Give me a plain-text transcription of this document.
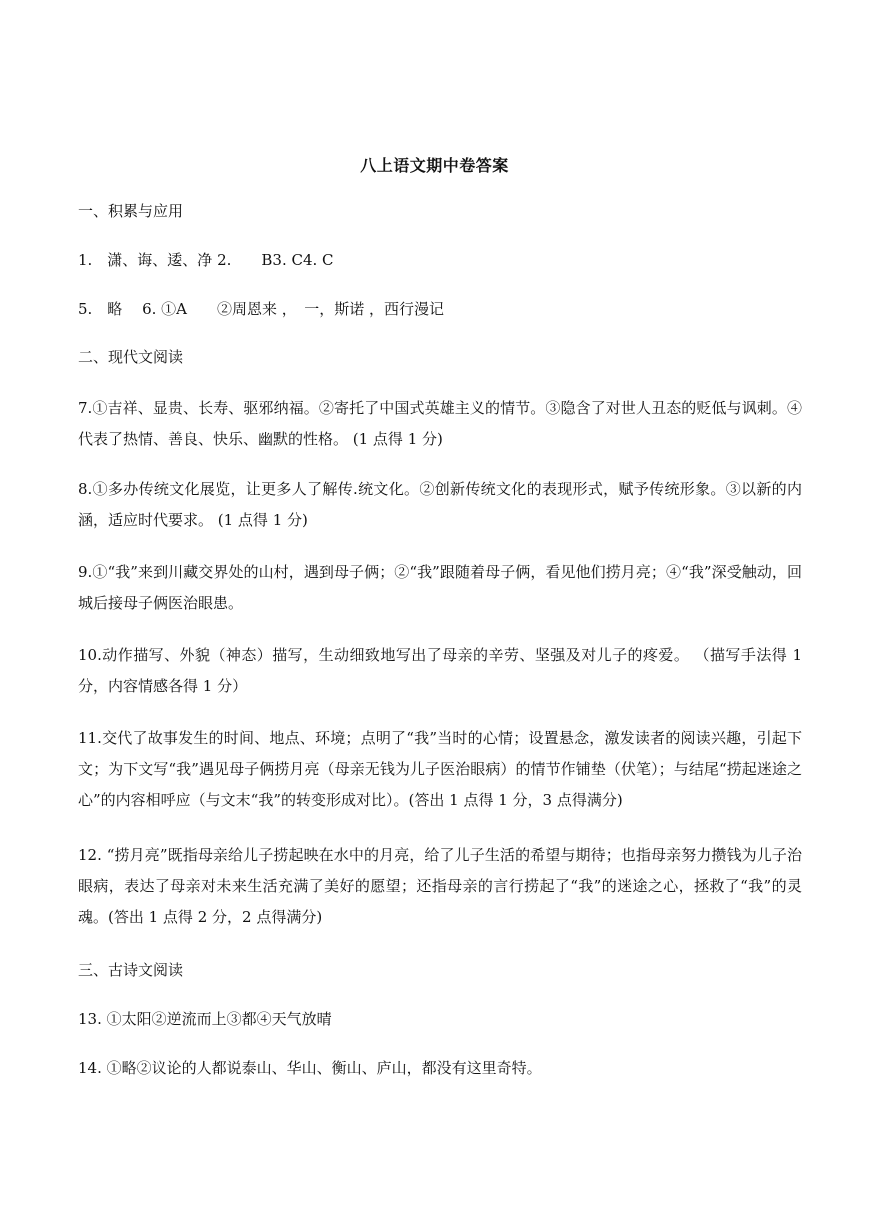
八上语文期中卷答案
一、积累与应用
1.　潇、诲、逶、净 2.　　B3. C4. C
5.　略　 6. ①A　　②周恩来 ，　一，斯诺 ，西行漫记
二、现代文阅读
7.①吉祥、显贵、长寿、驱邪纳福。②寄托了中国式英雄主义的情节。③隐含了对世人丑态的贬低与讽刺。④代表了热情、善良、快乐、幽默的性格。 (1 点得 1 分)
8.①多办传统文化展览，让更多人了解传.统文化。②创新传统文化的表现形式，赋予传统形象。③以新的内涵，适应时代要求。 (1 点得 1 分)
9.①“我”来到川藏交界处的山村，遇到母子俩；②“我”跟随着母子俩，看见他们捞月亮；④“我”深受触动，回城后接母子俩医治眼患。
10.动作描写、外貌（神态）描写，生动细致地写出了母亲的辛劳、坚强及对儿子的疼爱。 （描写手法得 1 分，内容情感各得 1 分）
11.交代了故事发生的时间、地点、环境；点明了“我”当时的心情；设置悬念，激发读者的阅读兴趣，引起下文；为下文写“我”遇见母子俩捞月亮（母亲无钱为儿子医治眼病）的情节作铺垫（伏笔）；与结尾“捞起迷途之心”的内容相呼应（与文末“我”的转变形成对比）。(答出 1 点得 1 分，3 点得满分)
12. “捞月亮”既指母亲给儿子捞起映在水中的月亮，给了儿子生活的希望与期待；也指母亲努力攒钱为儿子治眼病，表达了母亲对未来生活充满了美好的愿望；还指母亲的言行捞起了“我”的迷途之心，拯救了“我”的灵魂。(答出 1 点得 2 分，2 点得满分)
三、古诗文阅读
13. ①太阳②逆流而上③都④天气放晴
14. ①略②议论的人都说泰山、华山、衡山、庐山，都没有这里奇特。
